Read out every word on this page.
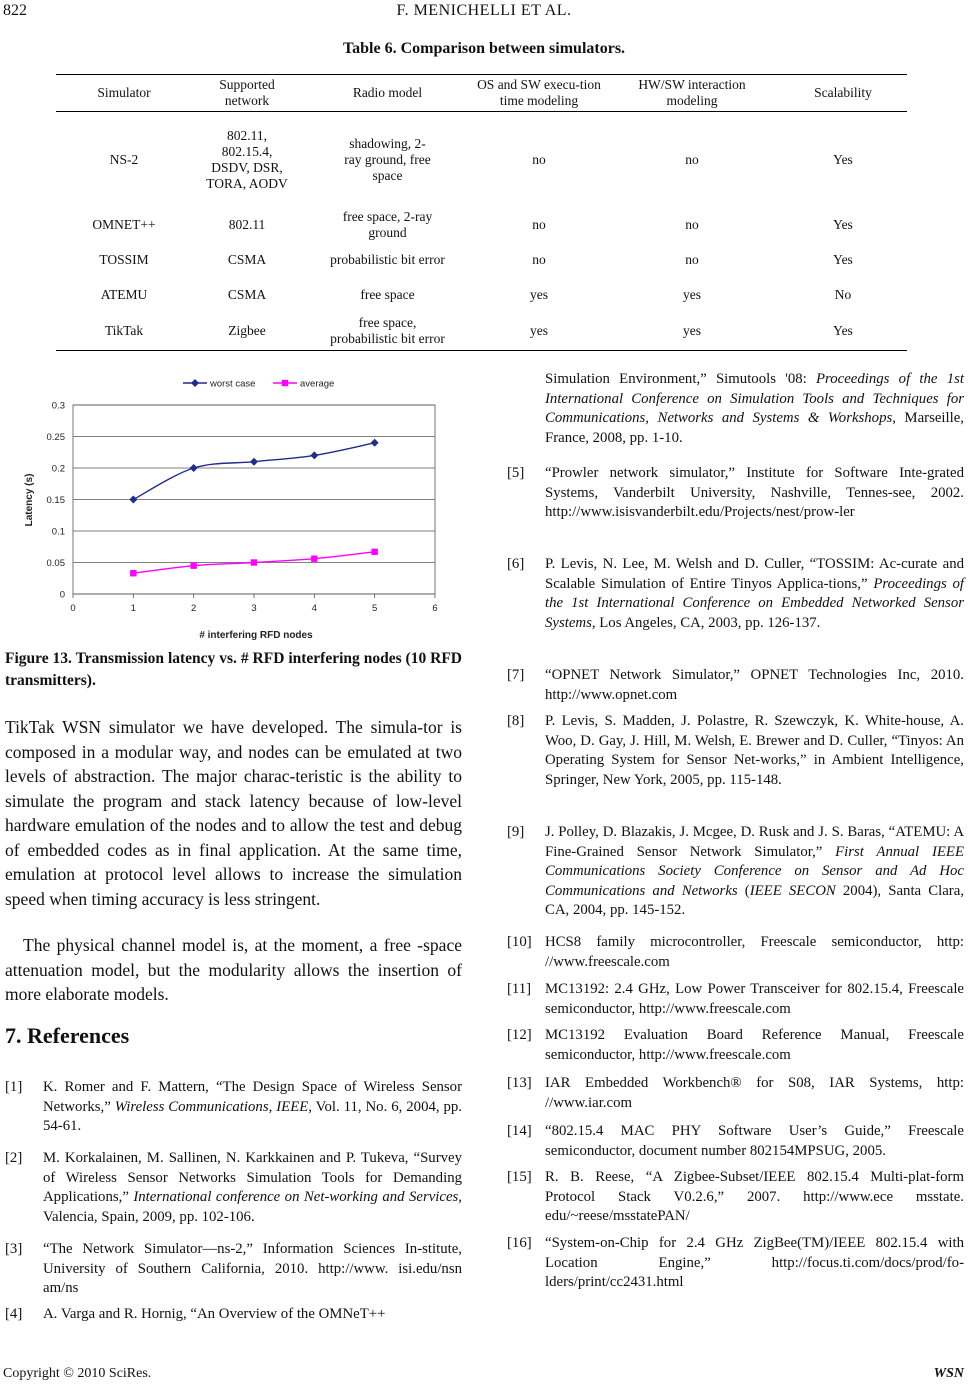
822	F. MENICHELLI ET AL.
Table 6. Comparison between simulators.
Simulator	Supported network	Radio model	OS and SW execu-tion time modeling	HW/SW interaction modeling	Scalability
NS-2	802.11, 802.15.4, DSDV, DSR, TORA, AODV	shadowing, 2-ray ground, free space	no	no	Yes
OMNET++	802.11	free space, 2-ray ground	no	no	Yes
TOSSIM	CSMA	probabilistic bit error	no	no	Yes
ATEMU	CSMA	free space	yes	yes	No
TikTak	Zigbee	free space, probabilistic bit error	yes	yes	Yes
0
0.05
0.1
0.15
0.2
0.25
0.3
0	1	2	3	4	5	6
worst case	average
# interfering RFD nodes
Latency (s)
Figure 13. Transmission latency vs. # RFD interfering nodes (10 RFD transmitters).
TikTak WSN simulator we have developed. The simula-tor is composed in a modular way, and nodes can be emulated at two levels of abstraction. The major charac-teristic is the ability to simulate the program and stack latency because of low-level hardware emulation of the nodes and to allow the test and debug of embedded codes as in final application. At the same time, emulation at protocol level allows to increase the simulation speed when timing accuracy is less stringent.
The physical channel model is, at the moment, a free -space attenuation model, but the modularity allows the insertion of more elaborate models.
7. References
[1] K. Romer and F. Mattern, “The Design Space of Wireless Sensor Networks,” Wireless Communications, IEEE, Vol. 11, No. 6, 2004, pp. 54-61.
[2] M. Korkalainen, M. Sallinen, N. Karkkainen and P. Tukeva, “Survey of Wireless Sensor Networks Simulation Tools for Demanding Applications,” International conference on Net-working and Services, Valencia, Spain, 2009, pp. 102-106.
[3] “The Network Simulator—ns-2,” Information Sciences In-stitute, University of Southern California, 2010. http://www. isi.edu/nsn am/ns
[4] A. Varga and R. Hornig, “An Overview of the OMNeT++
Simulation Environment,” Simutools '08: Proceedings of the 1st International Conference on Simulation Tools and Techniques for Communications, Networks and Systems & Workshops, Marseille, France, 2008, pp. 1-10.
[5] “Prowler network simulator,” Institute for Software Inte-grated Systems, Vanderbilt University, Nashville, Tennes-see, 2002. http://www.isisvanderbilt.edu/Projects/nest/prow-ler
[6] P. Levis, N. Lee, M. Welsh and D. Culler, “TOSSIM: Ac-curate and Scalable Simulation of Entire Tinyos Applica-tions,” Proceedings of the 1st International Conference on Embedded Networked Sensor Systems, Los Angeles, CA, 2003, pp. 126-137.
[7] “OPNET Network Simulator,” OPNET Technologies Inc, 2010. http://www.opnet.com
[8] P. Levis, S. Madden, J. Polastre, R. Szewczyk, K. White-house, A. Woo, D. Gay, J. Hill, M. Welsh, E. Brewer and D. Culler, “Tinyos: An Operating System for Sensor Net-works,” in Ambient Intelligence, Springer, New York, 2005, pp. 115-148.
[9] J. Polley, D. Blazakis, J. Mcgee, D. Rusk and J. S. Baras, “ATEMU: A Fine-Grained Sensor Network Simulator,” First Annual IEEE Communications Society Conference on Sensor and Ad Hoc Communications and Networks (IEEE SECON 2004), Santa Clara, CA, 2004, pp. 145-152.
[10] HCS8 family microcontroller, Freescale semiconductor, http: //www.freescale.com
[11] MC13192: 2.4 GHz, Low Power Transceiver for 802.15.4, Freescale semiconductor, http://www.freescale.com
[12] MC13192 Evaluation Board Reference Manual, Freescale semiconductor, http://www.freescale.com
[13] IAR Embedded Workbench® for S08, IAR Systems, http: //www.iar.com
[14] “802.15.4 MAC PHY Software User’s Guide,” Freescale semiconductor, document number 802154MPSUG, 2005.
[15] R. B. Reese, “A Zigbee-Subset/IEEE 802.15.4 Multi-plat-form Protocol Stack V0.2.6,” 2007. http://www.ece msstate. edu/~reese/msstatePAN/
[16] “System-on-Chip for 2.4 GHz ZigBee(TM)/IEEE 802.15.4 with Location Engine,” http://focus.ti.com/docs/prod/fo-lders/print/cc2431.html
Copyright © 2010 SciRes.	WSN
